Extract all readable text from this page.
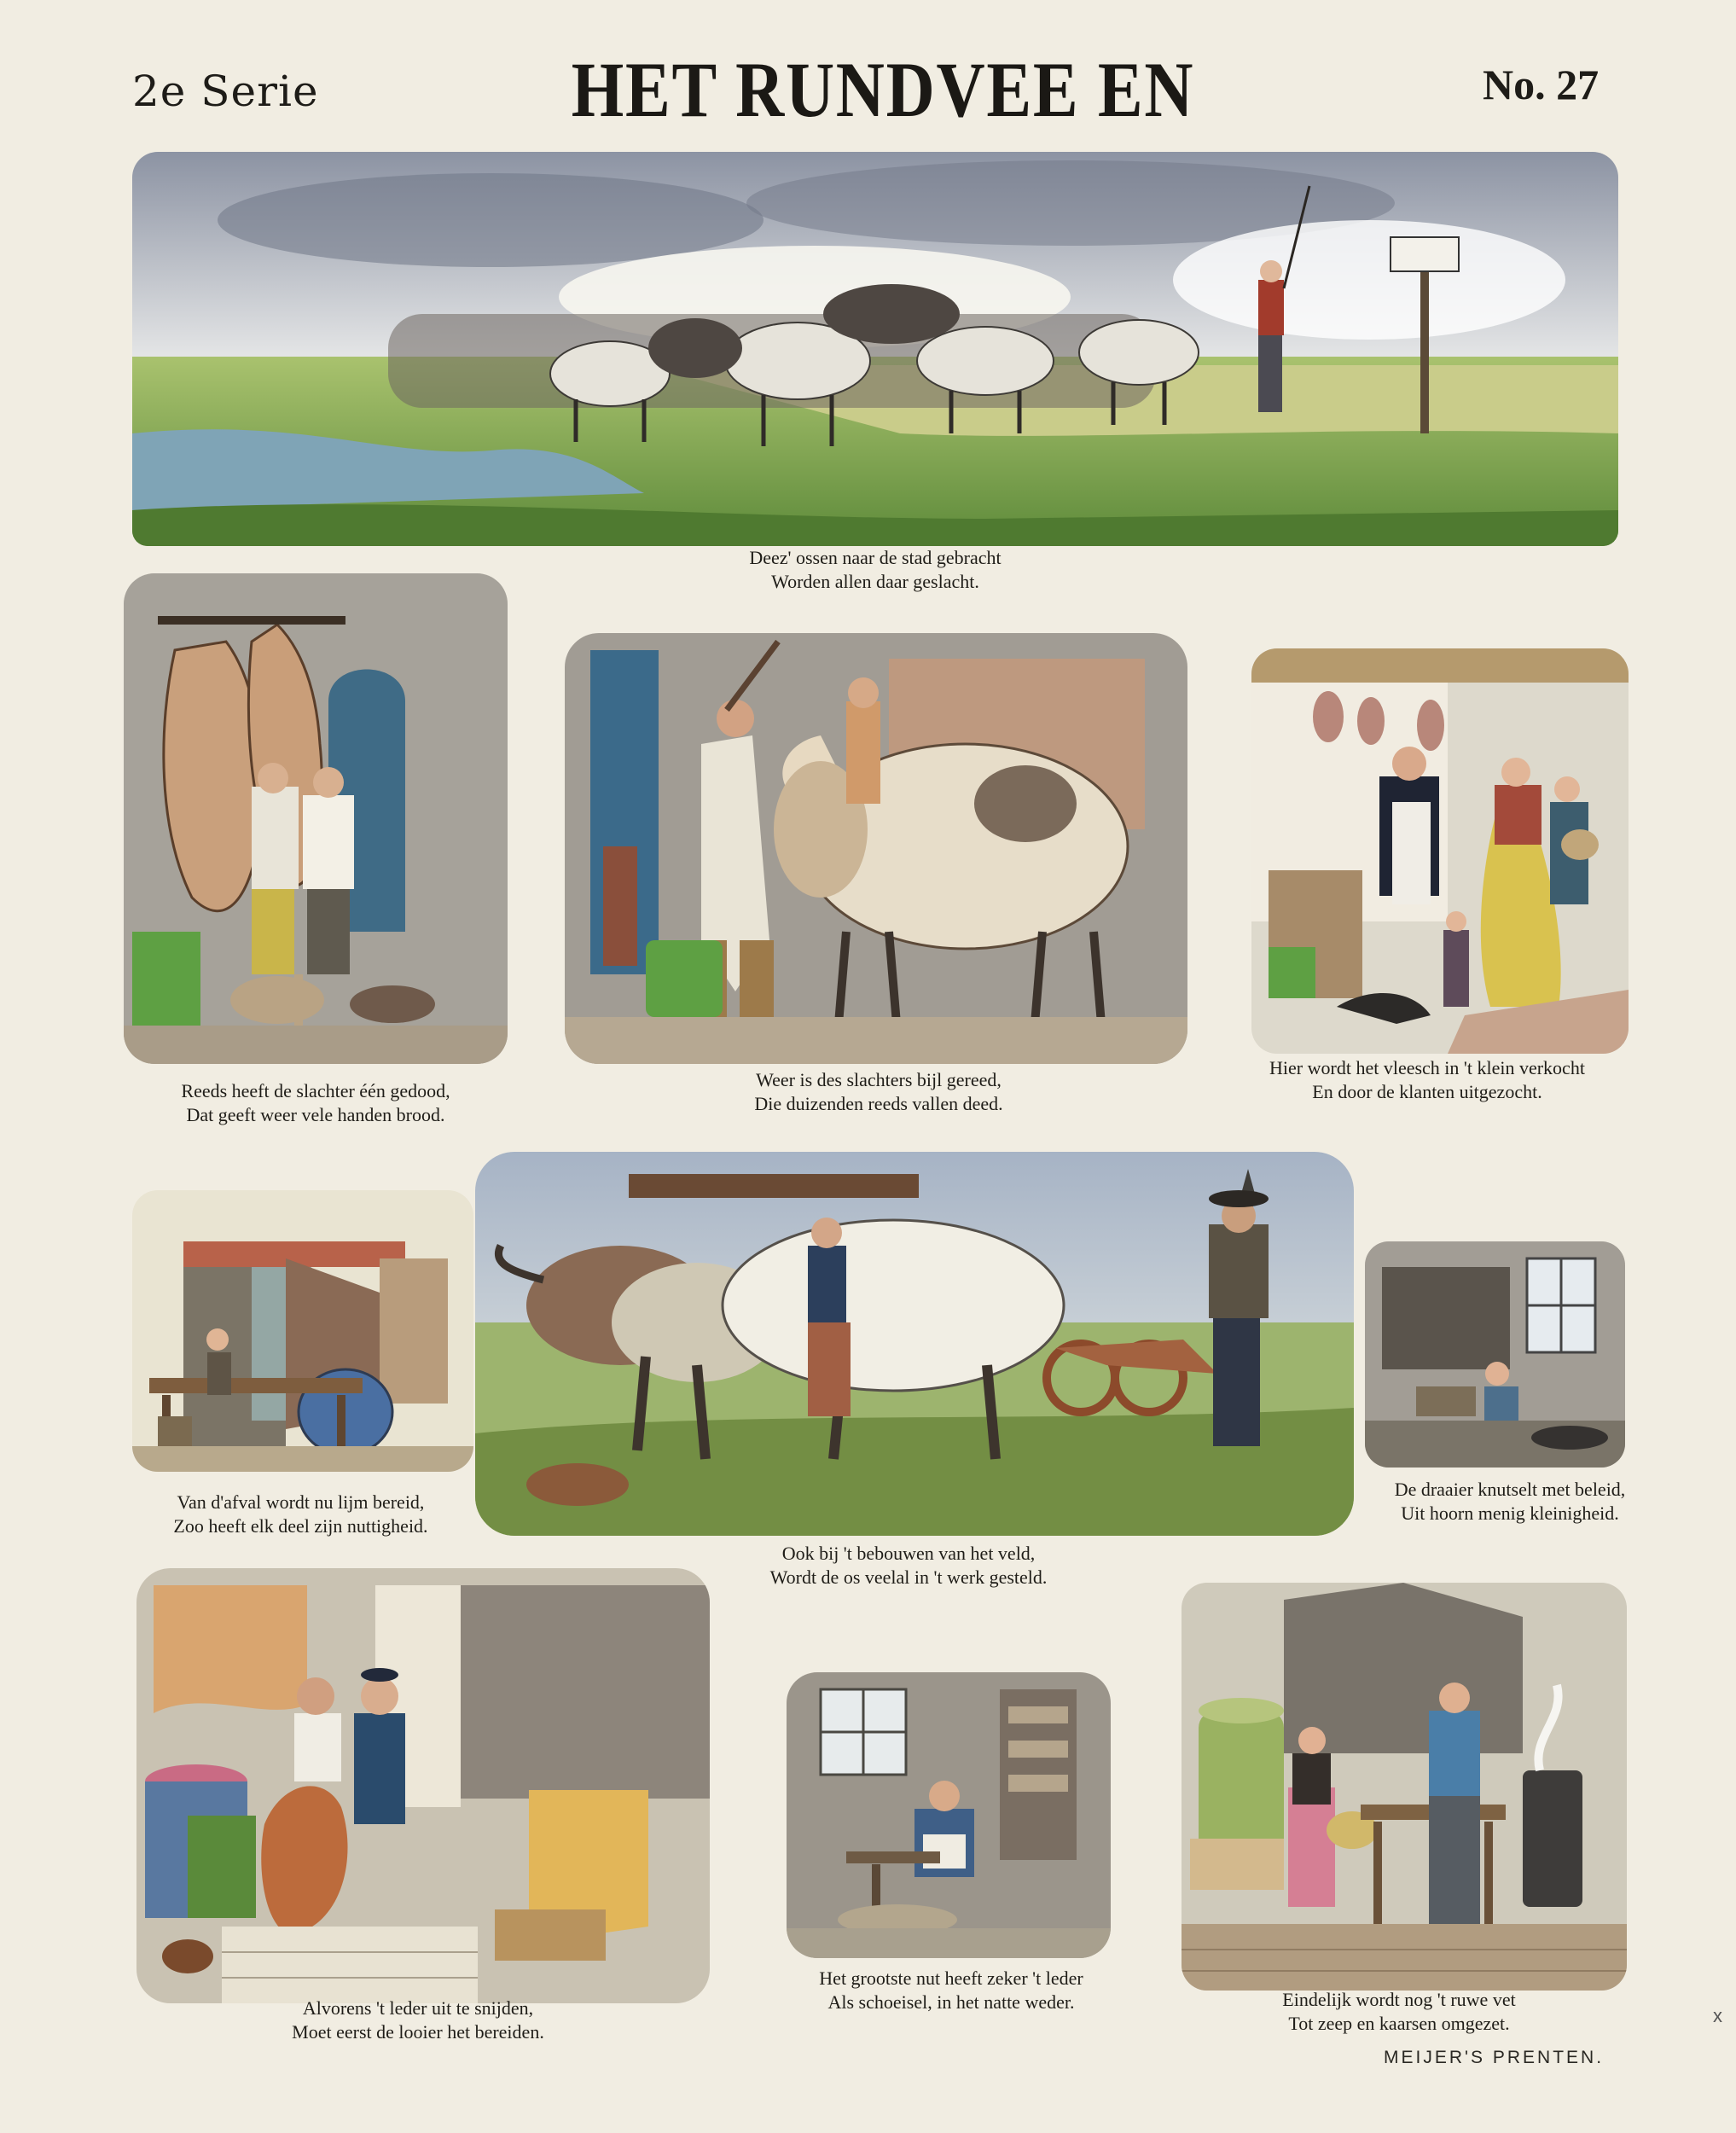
2e Serie	HET RUNDVEE EN	No. 27
Deez' ossen naar de stad gebracht
Worden allen daar geslacht.
Reeds heeft de slachter één gedood,
Dat geeft weer vele handen brood.
Weer is des slachters bijl gereed,
Die duizenden reeds vallen deed.
Hier wordt het vleesch in 't klein verkocht
En door de klanten uitgezocht.
Van d'afval wordt nu lijm bereid,
Zoo heeft elk deel zijn nuttigheid.
Ook bij 't bebouwen van het veld,
Wordt de os veelal in 't werk gesteld.
De draaier knutselt met beleid,
Uit hoorn menig kleinigheid.
Alvorens 't leder uit te snijden,
Moet eerst de looier het bereiden.
Het grootste nut heeft zeker 't leder
Als schoeisel, in het natte weder.	Eindelijk wordt nog 't ruwe vet
Tot zeep en kaarsen omgezet.
MEIJER'S PRENTEN.
x
